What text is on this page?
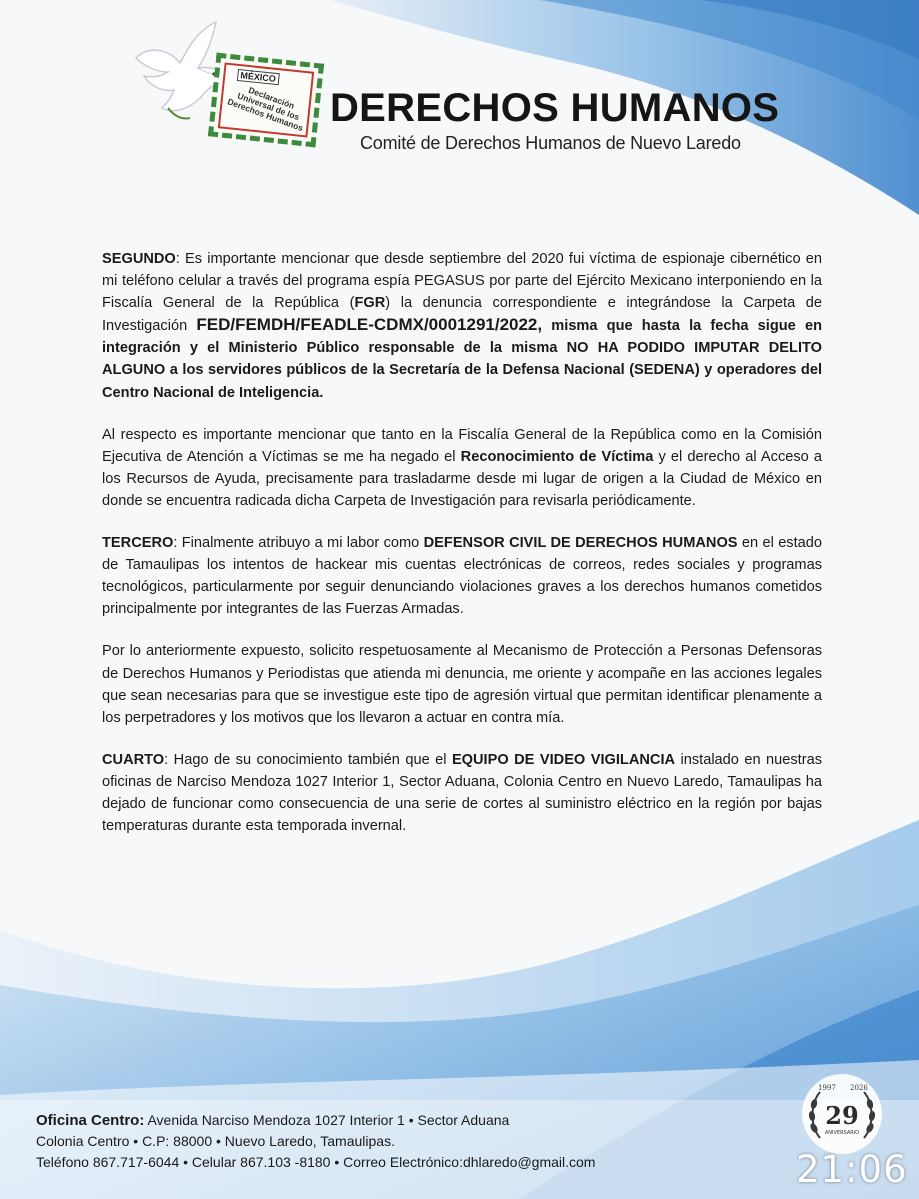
MÉXICO
Declaración Universal de los Derechos Humanos DERECHOS HUMANOS
Comité de Derechos Humanos de Nuevo Laredo

SEGUNDO: Es importante mencionar que desde septiembre del 2020 fui víctima de espionaje cibernético en mi teléfono celular a través del programa espía PEGASUS por parte del Ejército Mexicano interponiendo en la Fiscalía General de la República (FGR) la denuncia correspondiente e integrándose la Carpeta de Investigación FED/FEMDH/FEADLE-CDMX/0001291/2022, misma que hasta la fecha sigue en integración y el Ministerio Público responsable de la misma NO HA PODIDO IMPUTAR DELITO ALGUNO a los servidores públicos de la Secretaría de la Defensa Nacional (SEDENA) y operadores del Centro Nacional de Inteligencia.

Al respecto es importante mencionar que tanto en la Fiscalía General de la República como en la Comisión Ejecutiva de Atención a Víctimas se me ha negado el Reconocimiento de Víctima y el derecho al Acceso a los Recursos de Ayuda, precisamente para trasladarme desde mi lugar de origen a la Ciudad de México en donde se encuentra radicada dicha Carpeta de Investigación para revisarla periódicamente.

TERCERO: Finalmente atribuyo a mi labor como DEFENSOR CIVIL DE DERECHOS HUMANOS en el estado de Tamaulipas los intentos de hackear mis cuentas electrónicas de correos, redes sociales y programas tecnológicos, particularmente por seguir denunciando violaciones graves a los derechos humanos cometidos principalmente por integrantes de las Fuerzas Armadas.

Por lo anteriormente expuesto, solicito respetuosamente al Mecanismo de Protección a Personas Defensoras de Derechos Humanos y Periodistas que atienda mi denuncia, me oriente y acompañe en las acciones legales que sean necesarias para que se investigue este tipo de agresión virtual que permitan identificar plenamente a los perpetradores y los motivos que los llevaron a actuar en contra mía.

CUARTO: Hago de su conocimiento también que el EQUIPO DE VIDEO VIGILANCIA instalado en nuestras oficinas de Narciso Mendoza 1027 Interior 1, Sector Aduana, Colonia Centro en Nuevo Laredo, Tamaulipas ha dejado de funcionar como consecuencia de una serie de cortes al suministro eléctrico en la región por bajas temperaturas durante esta temporada invernal.

Oficina Centro: Avenida Narciso Mendoza 1027 Interior 1 • Sector Aduana
Colonia Centro • C.P: 88000 • Nuevo Laredo, Tamaulipas.
Teléfono 867.717-6044 • Celular 867.103 -8180 • Correo Electrónico:dhlaredo@gmail.com
1997 2026
29
ANIVERSARIO
21:06
